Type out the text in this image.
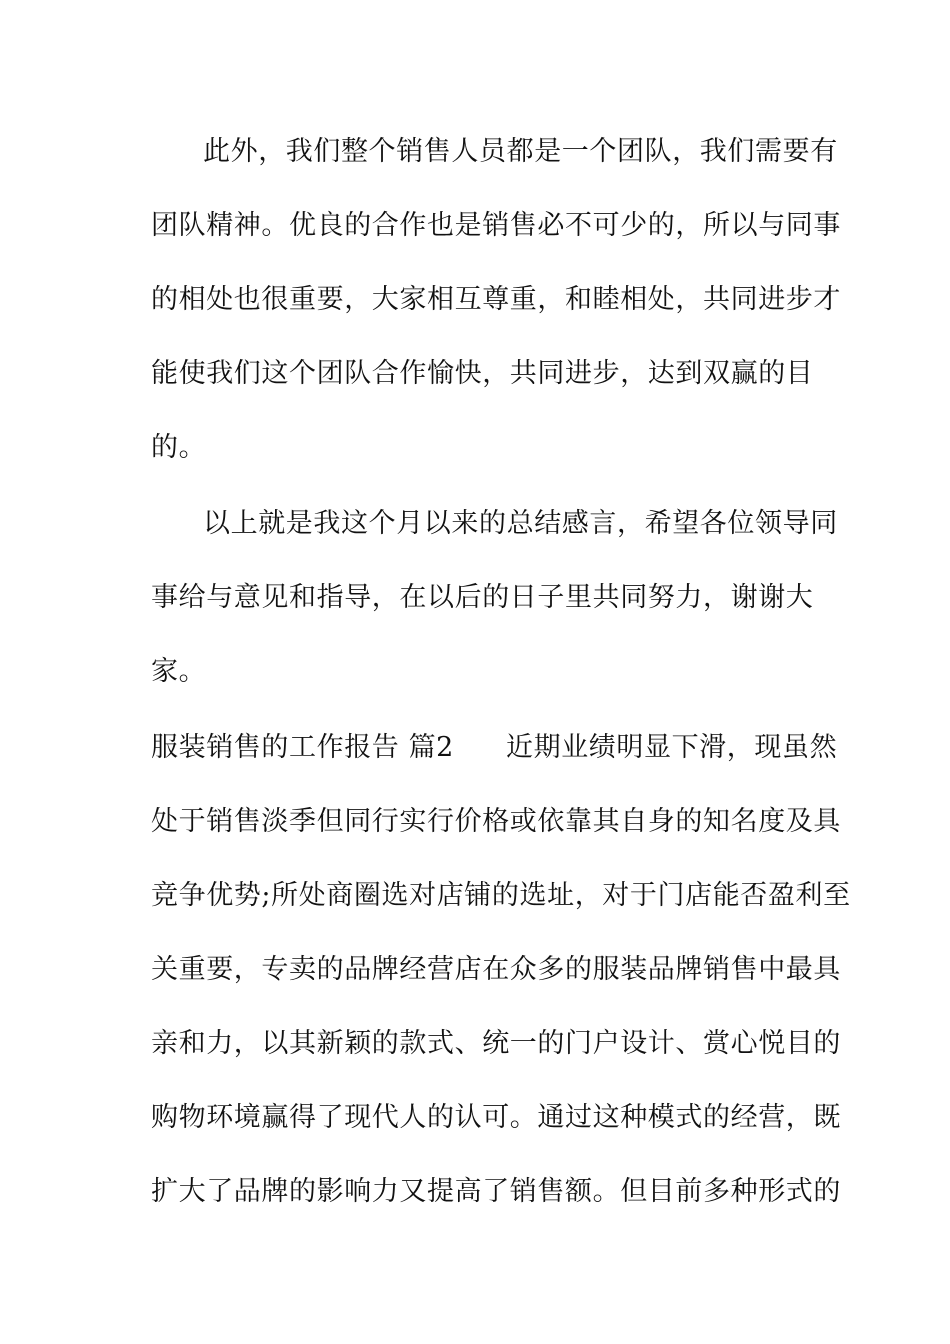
此外，我们整个销售人员都是一个团队，我们需要有
团队精神。优良的合作也是销售必不可少的，所以与同事
的相处也很重要，大家相互尊重，和睦相处，共同进步才
能使我们这个团队合作愉快，共同进步，达到双赢的目
的。
以上就是我这个月以来的总结感言，希望各位领导同
事给与意见和指导，在以后的日子里共同努力，谢谢大
家。
服装销售的工作报告 篇2 近期业绩明显下滑，现虽然
处于销售淡季但同行实行价格或依靠其自身的知名度及具
竞争优势;所处商圈选对店铺的选址，对于门店能否盈利至
关重要，专卖的品牌经营店在众多的服装品牌销售中最具
亲和力，以其新颖的款式、统一的门户设计、赏心悦目的
购物环境赢得了现代人的认可。通过这种模式的经营，既
扩大了品牌的影响力又提高了销售额。但目前多种形式的
